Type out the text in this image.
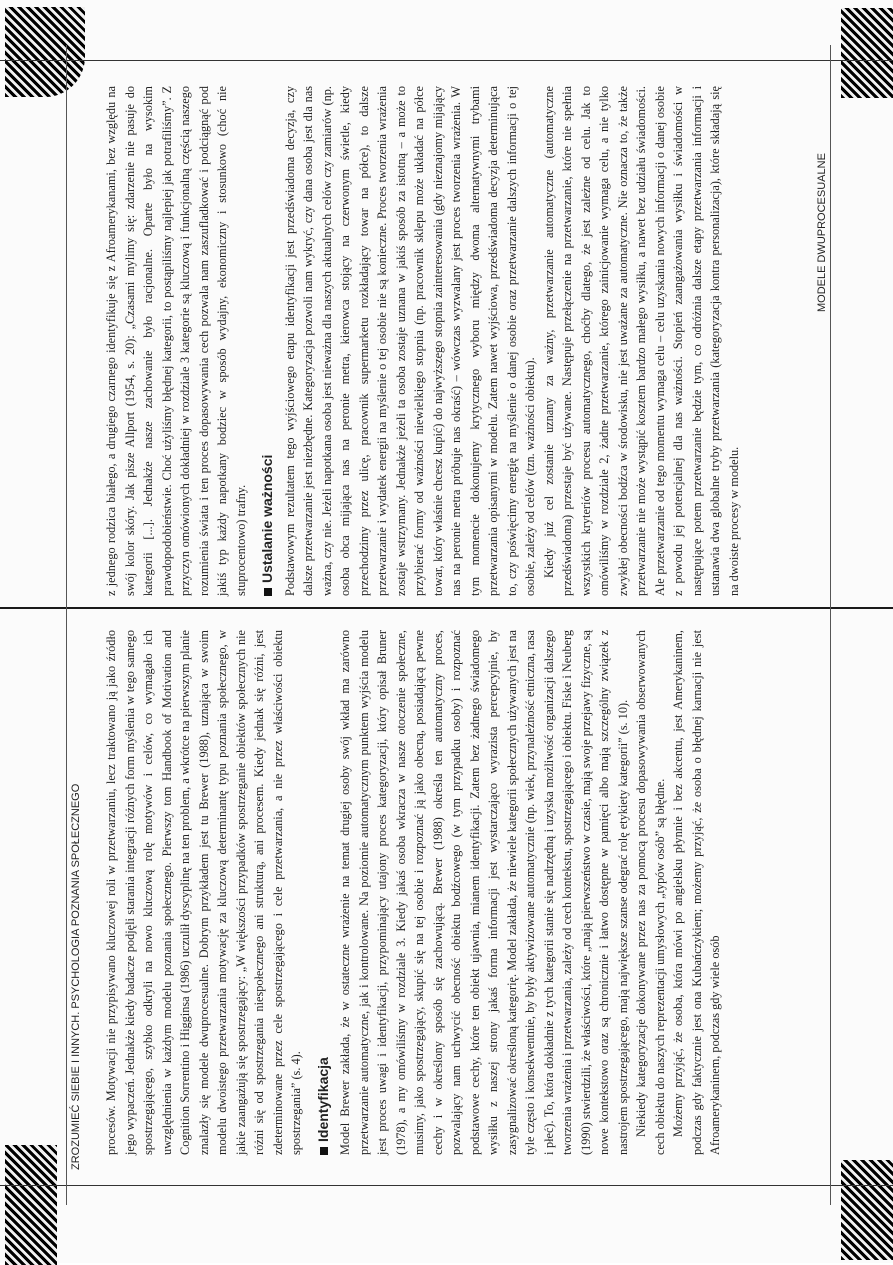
ZROZUMIEĆ SIEBIE I INNYCH. PSYCHOLOGIA POZNANIA SPOŁECZNEGO
MODELE DWUPROCESUALNE

procesów. Motywacji nie przypisywano kluczowej roli w przetwarzaniu, lecz traktowano ją jako źródło jego wypaczeń. Jednakże kiedy badacze podjęli starania integracji różnych form myślenia w tego samego spostrzegającego, szybko odkryli na nowo kluczową rolę motywów i celów, co wymagało ich uwzględnienia w każdym modelu poznania społecznego. Pierwszy tom Handbook of Motivation and Cognition Sorrentino i Higginsa (1986) uczulił dyscyplinę na ten problem, a wkrótce na pierwszym planie znalazły się modele dwuprocesualne. Dobrym przykładem jest tu Brewer (1988), uznająca w swoim modelu dwoistego przetwarzania motywację za kluczową determinantę typu poznania społecznego, w jakie zaangażują się spostrzegający: „W większości przypadków spostrzeganie obiektów społecznych nie różni się od spostrzegania niespołecznego ani strukturą, ani procesem. Kiedy jednak się różni, jest zdeterminowane przez cele spostrzegającego i cele przetwarzania, a nie przez właściwości obiektu spostrzegania” (s. 4). Identyfikacja Model Brewer zakłada, że w ostateczne wrażenie na temat drugiej osoby swój wkład ma zarówno przetwarzanie automatyczne, jak i kontrolowane. Na poziomie automatycznym punktem wyjścia modelu jest proces uwagi i identyfikacji, przypominający utajony proces kategoryzacji, który opisał Bruner (1978), a my omówiliśmy w rozdziale 3. Kiedy jakaś osoba wkracza w nasze otoczenie społeczne, musimy, jako spostrzegający, skupić się na tej osobie i rozpoznać ją jako obecną, posiadającą pewne cechy i w określony sposób się zachowującą. Brewer (1988) określa ten automatyczny proces, pozwalający nam uchwycić obecność obiektu bodźcowego (w tym przypadku osoby) i rozpoznać podstawowe cechy, które ten obiekt ujawnia, mianem identyfikacji. Zatem bez żadnego świadomego wysiłku z naszej strony jakaś forma informacji jest wystarczająco wyrazista percepcyjnie, by zasygnalizować określoną kategorię. Model zakłada, że niewiele kategorii społecznych używanych jest na tyle często i konsekwentnie, by były aktywizowane automatycznie (np. wiek, przynależność etniczna, rasa i płeć). To, która dokładnie z tych kategorii stanie się nadrzędną i uzyska możliwość organizacji dalszego tworzenia wrażenia i przetwarzania, zależy od cech kontekstu, spostrzegającego i obiektu. Fiske i Neuberg (1990) stwierdzili, że właściwości, które „mają pierwszeństwo w czasie, mają swoje przejawy fizyczne, są nowe kontekstowo oraz są chronicznie i łatwo dostępne w pamięci albo mają szczególny związek z nastrojem spostrzegającego, mają największe szanse odegrać rolę etykiety kategorii” (s. 10). Niekiedy kategoryzacje dokonywane przez nas za pomocą procesu dopasowywania obserwowanych cech obiektu do naszych reprezentacji umysłowych „typów osób” są błędne. Możemy przyjąć, że osoba, która mówi po angielsku płynnie i bez akcentu, jest Amerykaninem, podczas gdy faktycznie jest ona Kubańczykiem; możemy przyjąć, że osoba o błędnej karnacji nie jest Afroamerykaninem, podczas gdy wiele osób

z jednego rodzica białego, a drugiego czarnego identyfikuje się z Afroamerykanami, bez względu na swój kolor skóry. Jak pisze Allport (1954, s. 20): „Czasami mylimy się: zdarzenie nie pasuje do kategorii [...]. Jednakże nasze zachowanie było racjonalne. Oparte było na wysokim prawdopodobieństwie. Choć użyliśmy błędnej kategorii, to postąpiliśmy najlepiej jak potrafiliśmy”. Z przyczyn omówionych dokładniej w rozdziale 3 kategorie są kluczową i funkcjonalną częścią naszego rozumienia świata i ten proces dopasowywania cech pozwala nam zaszufladkować i podciągnąć pod jakiś typ każdy napotkany bodziec w sposób wydajny, ekonomiczny i stosunkowo (choć nie stuprocentowo) trafny. Ustalanie ważności Podstawowym rezultatem tego wyjściowego etapu identyfikacji jest przedświadoma decyzja, czy dalsze przetwarzanie jest niezbędne. Kategoryzacja pozwoli nam wykryć, czy dana osoba jest dla nas ważna, czy nie. Jeżeli napotkana osoba jest nieważna dla naszych aktualnych celów czy zamiarów (np. osoba obca mijająca nas na peronie metra, kierowca stojący na czerwonym świetle, kiedy przechodzimy przez ulicę, pracownik supermarketu rozkładający towar na półce), to dalsze przetwarzanie i wydatek energii na myślenie o tej osobie nie są konieczne. Proces tworzenia wrażenia zostaje wstrzymany. Jednakże jeżeli ta osoba zostaje uznana w jakiś sposób za istotną – a może to przybierać formy od ważności niewielkiego stopnia (np. pracownik sklepu może układać na półce towar, który właśnie chcesz kupić) do najwyższego stopnia zainteresowania (gdy nieznajomy mijający nas na peronie metra próbuje nas okraść) – wówczas wyzwalany jest proces tworzenia wrażenia. W tym momencie dokonujemy krytycznego wyboru między dwoma alternatywnymi trybami przetwarzania opisanymi w modelu. Zatem nawet wyjściowa, przedświadoma decyzja determinująca to, czy poświęcimy energię na myślenie o danej osobie oraz przetwarzanie dalszych informacji o tej osobie, zależy od celów (tzn. ważności obiektu). Kiedy już cel zostanie uznany za ważny, przetwarzanie automatyczne (automatyczne przedświadoma) przestaje być używane. Następuje przełączenie na przetwarzanie, które nie spełnia wszystkich kryteriów procesu automatycznego, choćby dlatego, że jest zależne od celu. Jak to omówiliśmy w rozdziale 2, żadne przetwarzanie, którego zainicjowanie wymaga celu, a nie tylko zwykłej obecności bodźca w środowisku, nie jest uważane za automatyczne. Nie oznacza to, że także przetwarzanie nie może wystąpić kosztem bardzo małego wysiłku, a nawet bez udziału świadomości. Ale przetwarzanie od tego momentu wymaga celu – celu uzyskania nowych informacji o danej osobie z powodu jej potencjalnej dla nas ważności. Stopień zaangażowania wysiłku i świadomości w następujące potem przetwarzanie będzie tym, co odróżnia dalsze etapy przetwarzania informacji i ustanawia dwa globalne tryby przetwarzania (kategoryzacja kontra personalizacja), które składają się na dwoiste procesy w modelu.
